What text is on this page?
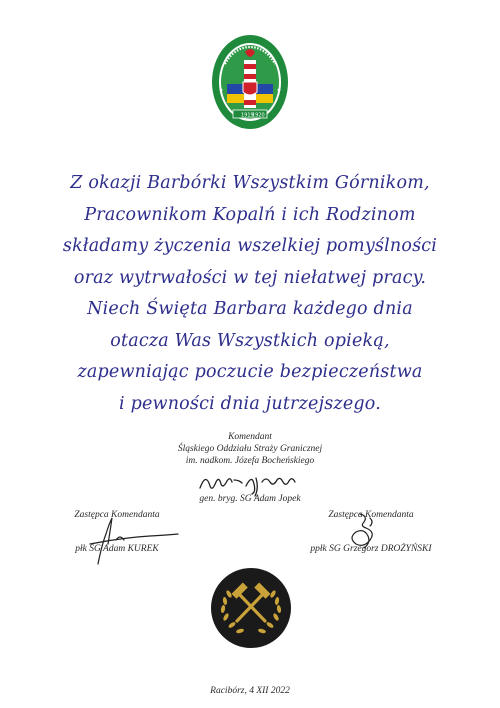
1919
1920
Z okazji Barbórki Wszystkim Górnikom,
Pracownikom Kopalń i ich Rodzinom
składamy życzenia wszelkiej pomyślności
oraz wytrwałości w tej niełatwej pracy.
Niech Święta Barbara każdego dnia
otacza Was Wszystkich opieką,
zapewniając poczucie bezpieczeństwa
i pewności dnia jutrzejszego.
Komendant
Śląskiego Oddziału Straży Granicznej
im. nadkom. Józefa Bocheńskiego
gen. bryg. SG Adam Jopek
Zastępca Komendanta	Zastępca Komendanta
płk SG Adam KUREK	ppłk SG Grzegorz DROŻYŃSKI
Racibórz, 4 XII 2022
